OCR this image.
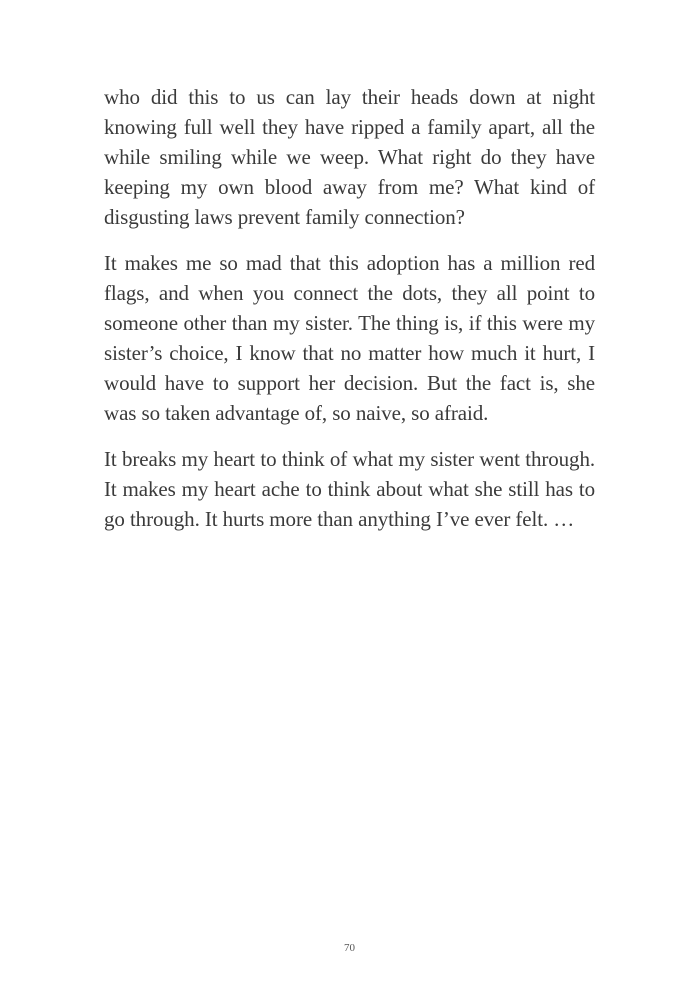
who did this to us can lay their heads down at night knowing full well they have ripped a family apart, all the while smiling while we weep. What right do they have keeping my own blood away from me? What kind of disgusting laws prevent family connection?

It makes me so mad that this adoption has a million red flags, and when you connect the dots, they all point to someone other than my sister. The thing is, if this were my sister’s choice, I know that no matter how much it hurt, I would have to support her decision. But the fact is, she was so taken advantage of, so naive, so afraid.

It breaks my heart to think of what my sister went through. It makes my heart ache to think about what she still has to go through. It hurts more than anything I’ve ever felt. …

70
